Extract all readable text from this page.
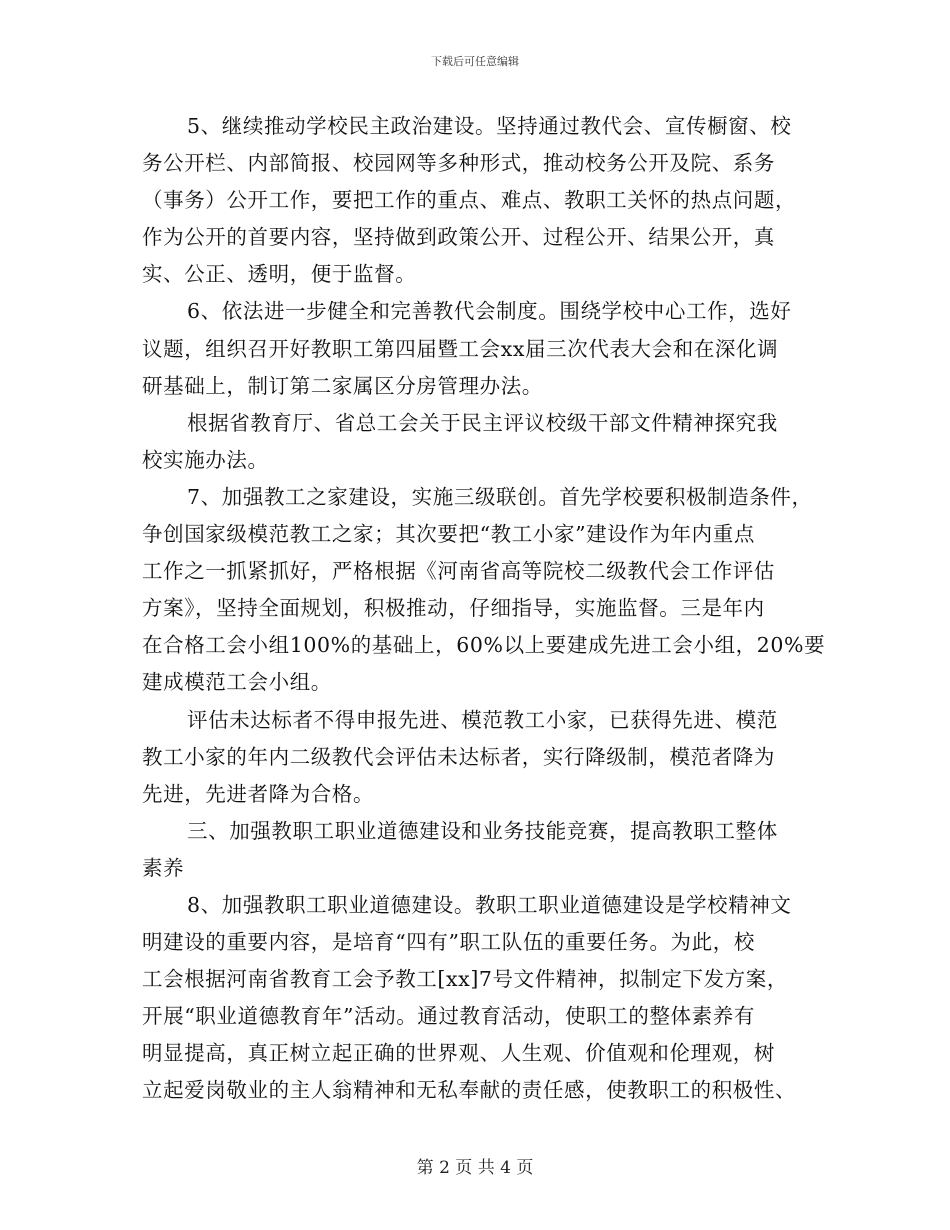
下载后可任意编辑
5、继续推动学校民主政治建设。坚持通过教代会、宣传橱窗、校
务公开栏、内部简报、校园网等多种形式，推动校务公开及院、系务
（事务）公开工作，要把工作的重点、难点、教职工关怀的热点问题，
作为公开的首要内容，坚持做到政策公开、过程公开、结果公开，真
实、公正、透明，便于监督。
6、依法进一步健全和完善教代会制度。围绕学校中心工作，选好
议题，组织召开好教职工第四届暨工会xx届三次代表大会和在深化调
研基础上，制订第二家属区分房管理办法。
根据省教育厅、省总工会关于民主评议校级干部文件精神探究我
校实施办法。
7、加强教工之家建设，实施三级联创。首先学校要积极制造条件，
争创国家级模范教工之家；其次要把“教工小家”建设作为年内重点
工作之一抓紧抓好，严格根据《河南省高等院校二级教代会工作评估
方案》，坚持全面规划，积极推动，仔细指导，实施监督。三是年内
在合格工会小组100%的基础上，60%以上要建成先进工会小组，20%要
建成模范工会小组。
评估未达标者不得申报先进、模范教工小家，已获得先进、模范
教工小家的年内二级教代会评估未达标者，实行降级制，模范者降为
先进，先进者降为合格。
三、加强教职工职业道德建设和业务技能竞赛，提高教职工整体
素养
8、加强教职工职业道德建设。教职工职业道德建设是学校精神文
明建设的重要内容，是培育“四有”职工队伍的重要任务。为此，校
工会根据河南省教育工会予教工[xx]7号文件精神，拟制定下发方案，
开展“职业道德教育年”活动。通过教育活动，使职工的整体素养有
明显提高，真正树立起正确的世界观、人生观、价值观和伦理观，树
立起爱岗敬业的主人翁精神和无私奉献的责任感，使教职工的积极性、
第 2 页 共 4 页
